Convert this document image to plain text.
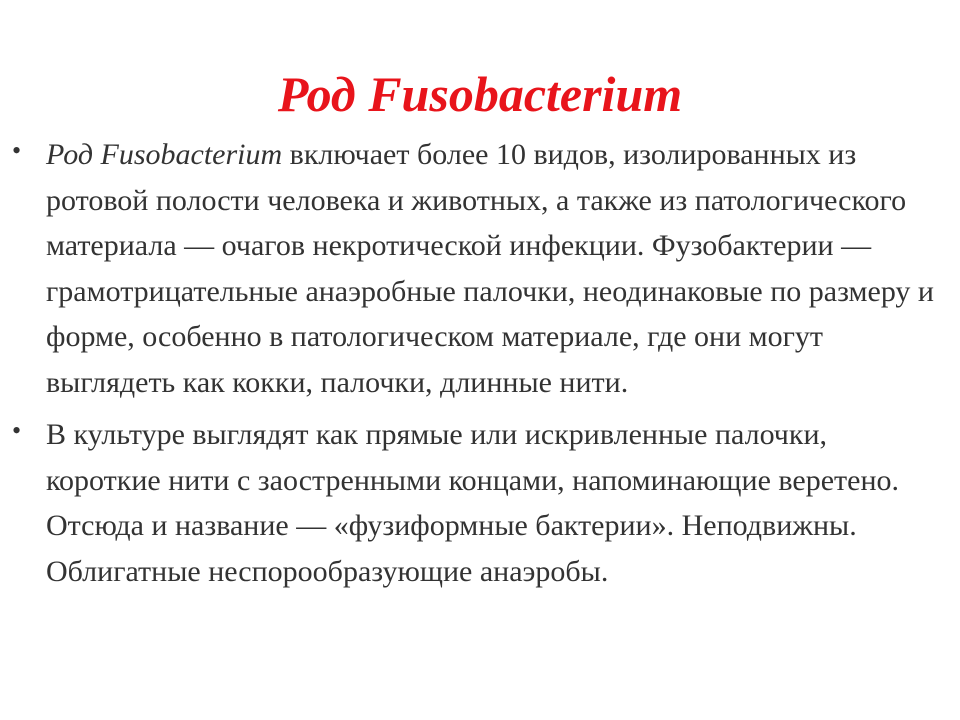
Род Fusobacterium
• Род Fusobacterium включает более 10 видов, изолированных из ротовой полости человека и животных, а также из патологического материала — очагов некротической инфекции. Фузобактерии — грамотрицательные анаэробные палочки, неодинаковые по размеру и форме, особенно в патологическом материале, где они могут выглядеть как кокки, палочки, длинные нити.
• В культуре выглядят как прямые или искривленные палочки, короткие нити с заостренными концами, напоминающие веретено. Отсюда и название — «фузиформные бактерии». Неподвижны. Облигатные неспорообразующие анаэробы.
